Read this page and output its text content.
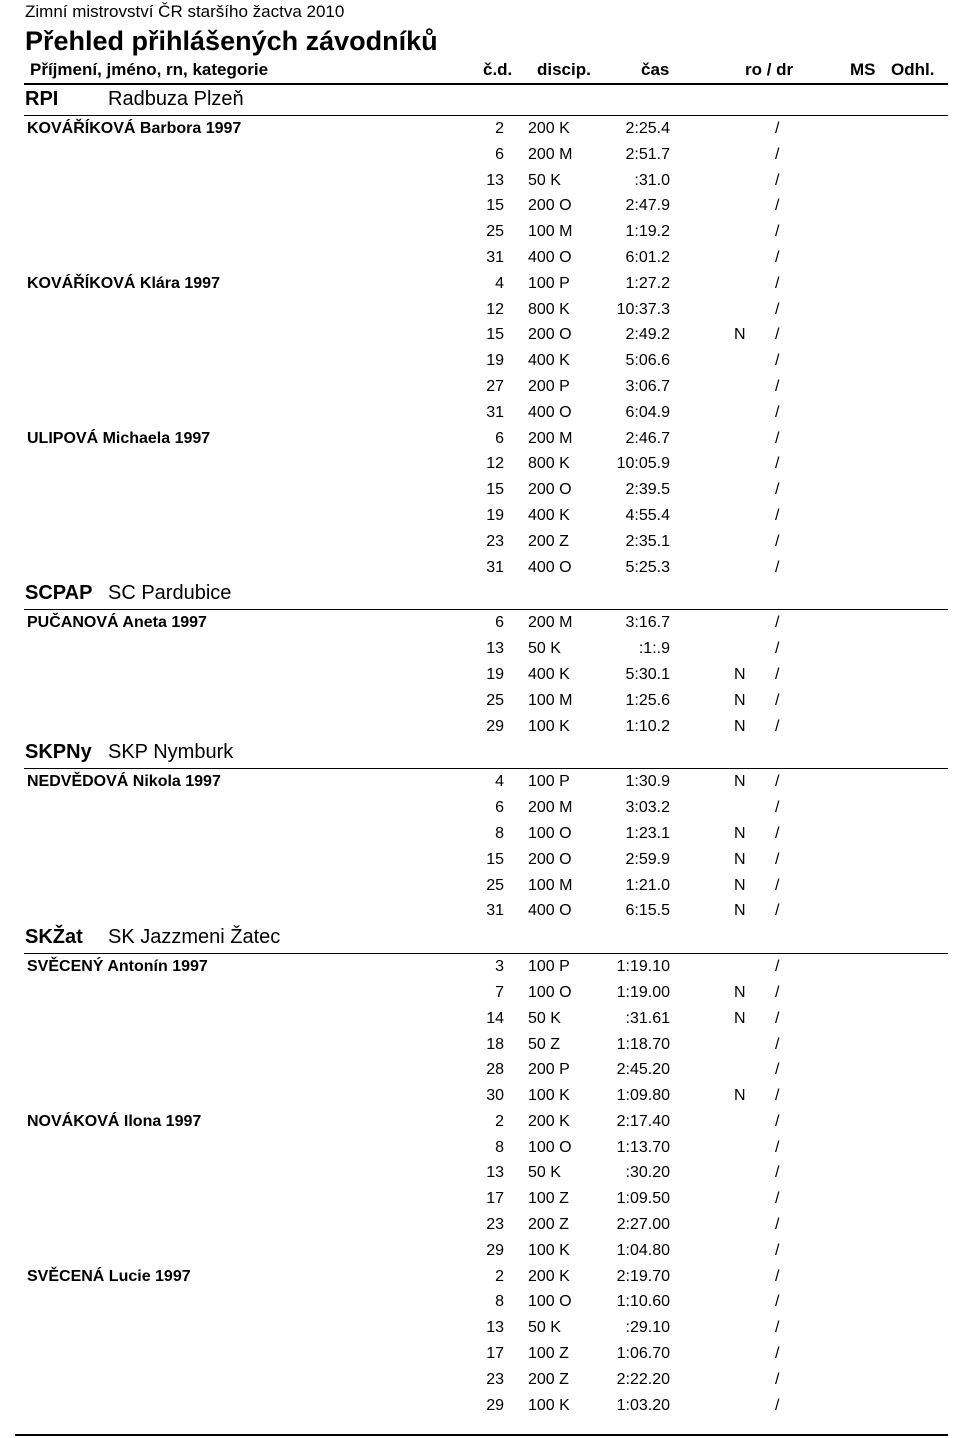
Zimní mistrovství ČR staršího žactva 2010
Přehled přihlášených závodníků
Příjmení, jméno, rn, kategorie	č.d. discip.	čas	ro / dr	MS Odhl.
RPI Radbuza Plzeň
KOVÁŘÍKOVÁ Barbora 1997	2 200 K	2:25.4	/
6 200 M	2:51.7	/
13 50 K	:31.0	/
15 200 O	2:47.9	/
25 100 M	1:19.2	/
31 400 O	6:01.2	/
KOVÁŘÍKOVÁ Klára 1997	4 100 P	1:27.2	/
12 800 K	10:37.3	/
15 200 O	2:49.2	N /
19 400 K	5:06.6	/
27 200 P	3:06.7	/
31 400 O	6:04.9	/
ULIPOVÁ Michaela 1997	6 200 M	2:46.7	/
12 800 K	10:05.9	/
15 200 O	2:39.5	/
19 400 K	4:55.4	/
23 200 Z	2:35.1	/
31 400 O	5:25.3	/
SCPAP SC Pardubice
PUČANOVÁ Aneta 1997	6 200 M	3:16.7	/
13 50 K	:1:.9	/
19 400 K	5:30.1	N /
25 100 M	1:25.6	N /
29 100 K	1:10.2	N /
SKPNy SKP Nymburk
NEDVĚDOVÁ Nikola 1997	4 100 P	1:30.9	N /
6 200 M	3:03.2	/
8 100 O	1:23.1	N /
15 200 O	2:59.9	N /
25 100 M	1:21.0	N /
31 400 O	6:15.5	N /
SKŽat SK Jazzmeni Žatec
SVĚCENÝ Antonín 1997	3 100 P	1:19.10	/
7 100 O	1:19.00	N /
14 50 K	:31.61	N /
18 50 Z	1:18.70	/
28 200 P	2:45.20	/
30 100 K	1:09.80	N /
NOVÁKOVÁ Ilona 1997	2 200 K	2:17.40	/
8 100 O	1:13.70	/
13 50 K	:30.20	/
17 100 Z	1:09.50	/
23 200 Z	2:27.00	/
29 100 K	1:04.80	/
SVĚCENÁ Lucie 1997	2 200 K	2:19.70	/
8 100 O	1:10.60	/
13 50 K	:29.10	/
17 100 Z	1:06.70	/
23 200 Z	2:22.20	/
29 100 K	1:03.20	/
